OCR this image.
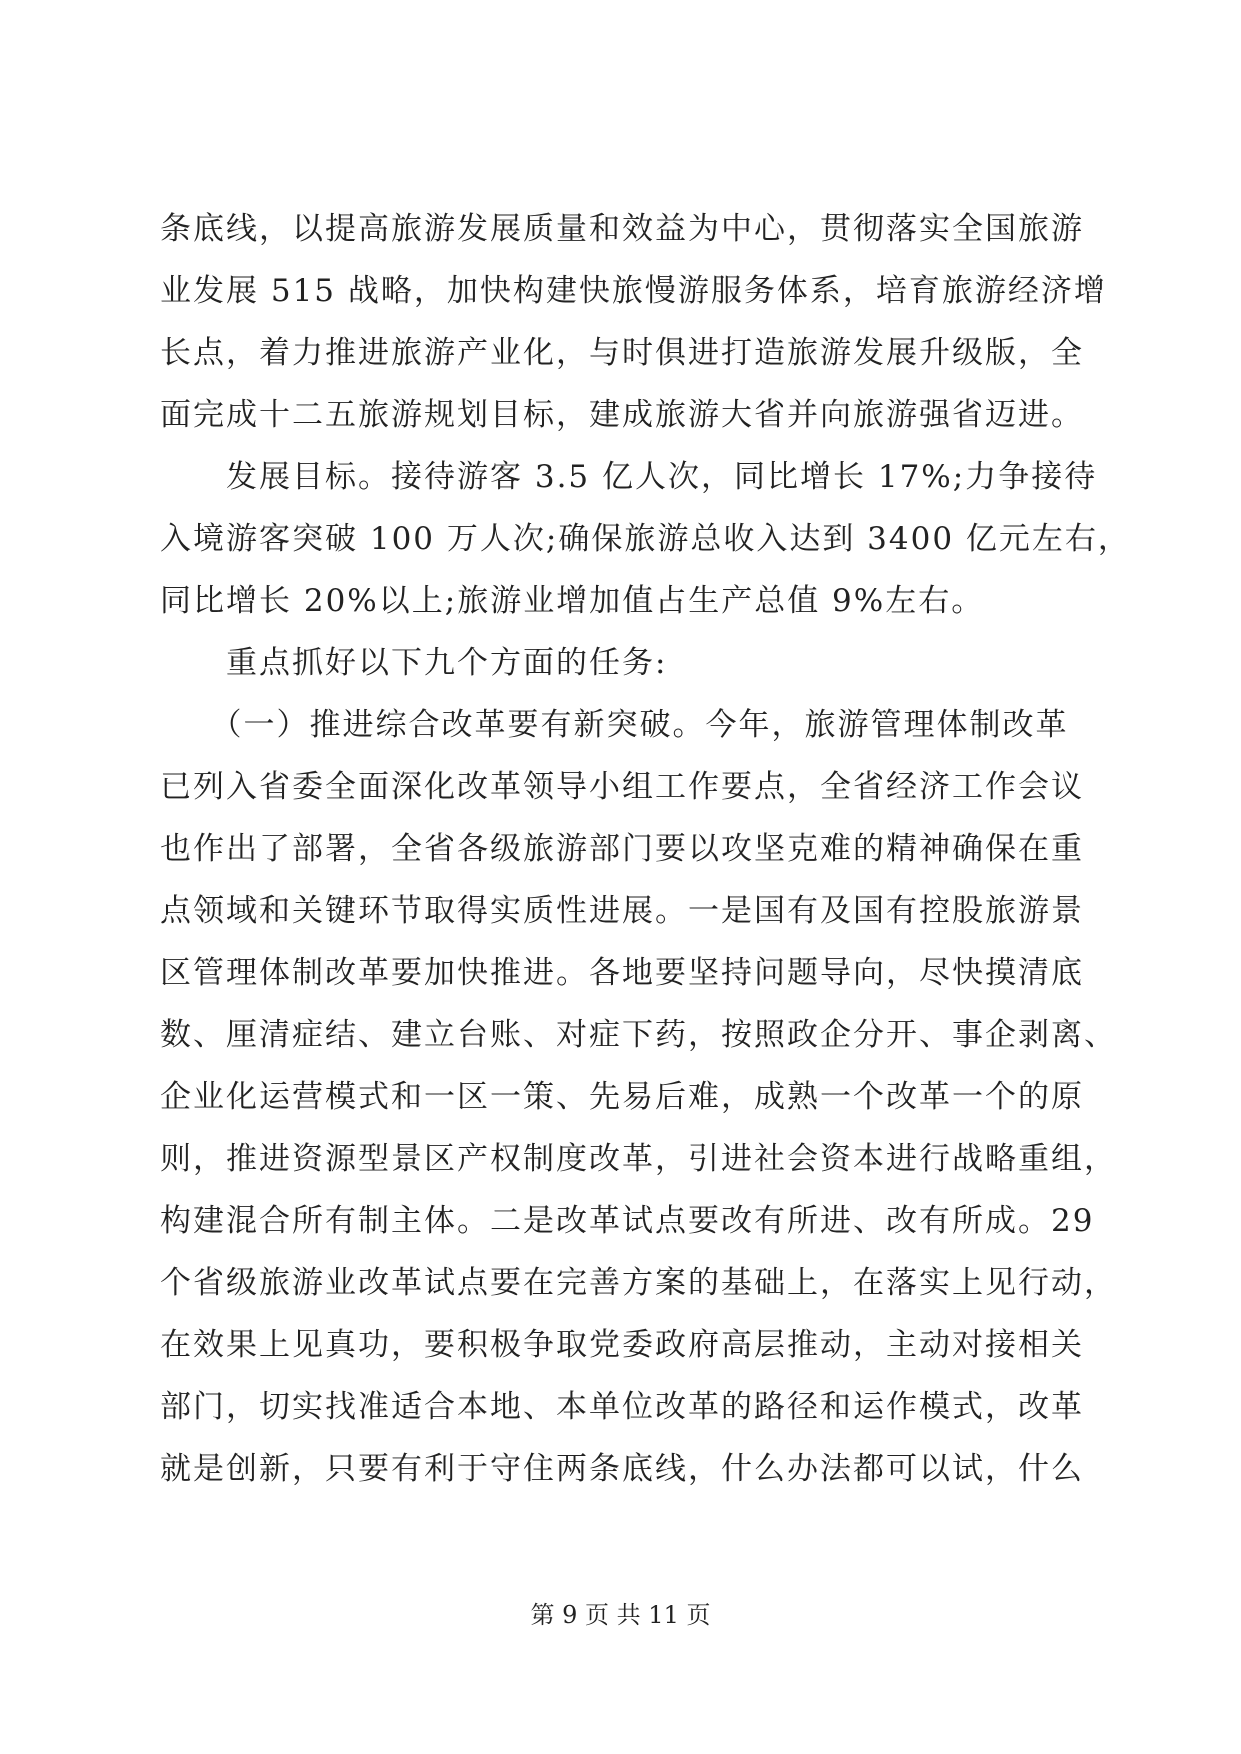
条底线，以提高旅游发展质量和效益为中心，贯彻落实全国旅游
业发展 515 战略，加快构建快旅慢游服务体系，培育旅游经济增
长点，着力推进旅游产业化，与时俱进打造旅游发展升级版，全
面完成十二五旅游规划目标，建成旅游大省并向旅游强省迈进。
　　发展目标。接待游客 3.5 亿人次，同比增长 17%;力争接待
入境游客突破 100 万人次;确保旅游总收入达到 3400 亿元左右，
同比增长 20%以上;旅游业增加值占生产总值 9%左右。
　　重点抓好以下九个方面的任务:
　　（一）推进综合改革要有新突破。今年，旅游管理体制改革
已列入省委全面深化改革领导小组工作要点，全省经济工作会议
也作出了部署，全省各级旅游部门要以攻坚克难的精神确保在重
点领域和关键环节取得实质性进展。一是国有及国有控股旅游景
区管理体制改革要加快推进。各地要坚持问题导向，尽快摸清底
数、厘清症结、建立台账、对症下药，按照政企分开、事企剥离、
企业化运营模式和一区一策、先易后难，成熟一个改革一个的原
则，推进资源型景区产权制度改革，引进社会资本进行战略重组，
构建混合所有制主体。二是改革试点要改有所进、改有所成。29
个省级旅游业改革试点要在完善方案的基础上，在落实上见行动，
在效果上见真功，要积极争取党委政府高层推动，主动对接相关
部门，切实找准适合本地、本单位改革的路径和运作模式，改革
就是创新，只要有利于守住两条底线，什么办法都可以试，什么
第 9 页 共 11 页
